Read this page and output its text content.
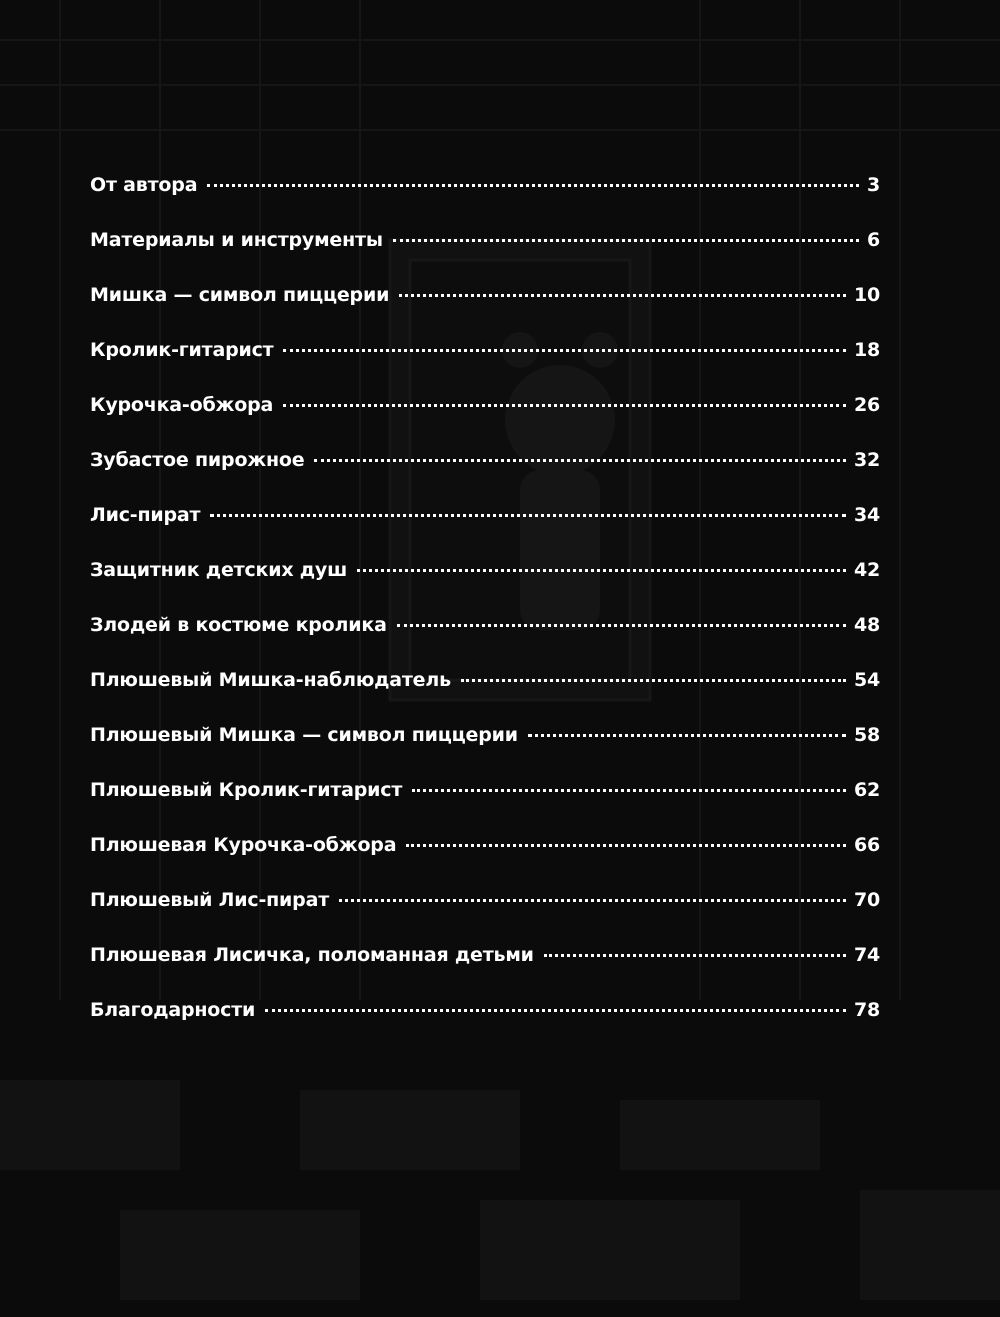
От автора	3
Материалы и инструменты	6
Мишка — символ пиццерии	10
Кролик-гитарист	18
Курочка-обжора	26
Зубастое пирожное	32
Лис-пират	34
Защитник детских душ	42
Злодей в костюме кролика	48
Плюшевый Мишка-наблюдатель	54
Плюшевый Мишка — символ пиццерии	58
Плюшевый Кролик-гитарист	62
Плюшевая Курочка-обжора	66
Плюшевый Лис-пират	70
Плюшевая Лисичка, поломанная детьми	74
Благодарности	78
